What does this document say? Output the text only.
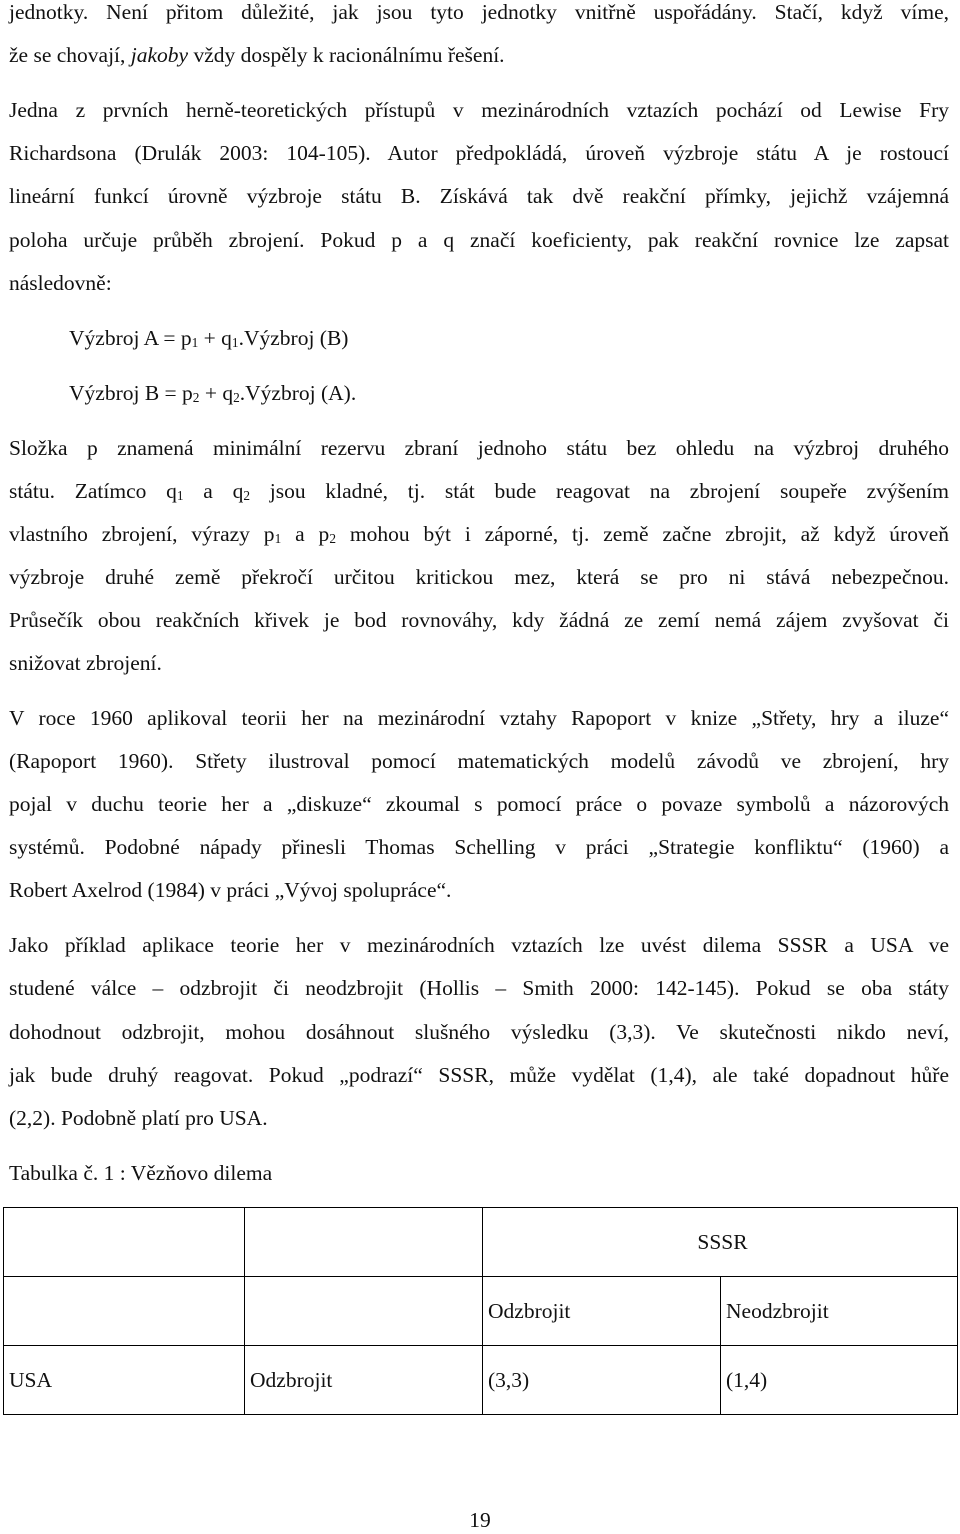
jednotky. Není přitom důležité, jak jsou tyto jednotky vnitřně uspořádány. Stačí, když víme,
že se chovají, jakoby vždy dospěly k racionálnímu řešení.
Jedna z prvních herně-teoretických přístupů v mezinárodních vztazích pochází od Lewise Fry
Richardsona (Drulák 2003: 104-105). Autor předpokládá, úroveň výzbroje státu A je rostoucí
lineární funkcí úrovně výzbroje státu B. Získává tak dvě reakční přímky, jejichž vzájemná
poloha určuje průběh zbrojení. Pokud p a q značí koeficienty, pak reakční rovnice lze zapsat
následovně:
Výzbroj $A = p_1$ + $q_1.Výzbroj$ (B)
Výzbroj $B = p_2$ + $q_2.Výzbroj$ (A).
Složka p znamená minimální rezervu zbraní jednoho státu bez ohledu na výzbroj druhého
státu. Zatímco $q_1$ a $q_2$ jsou kladné, tj. stát bude reagovat na zbrojení soupeře zvýšením
vlastního zbrojení, výrazy $p_1$ a $p_2$ mohou být i záporné, tj. země začne zbrojit, až když úroveň
výzbroje druhé země překročí určitou kritickou mez, která se pro ni stává nebezpečnou.
Průsečík obou reakčních křivek je bod rovnováhy, kdy žádná ze zemí nemá zájem zvyšovat či
snižovat zbrojení.
V roce 1960 aplikoval teorii her na mezinárodní vztahy Rapoport v knize „Střety, hry a iluze“
(Rapoport 1960). Střety ilustroval pomocí matematických modelů závodů ve zbrojení, hry
pojal v duchu teorie her a „diskuze“ zkoumal s pomocí práce o povaze symbolů a názorových
systémů. Podobné nápady přinesli Thomas Schelling v práci „Strategie konfliktu“ (1960) a
Robert Axelrod (1984) v práci „Vývoj spolupráce“.
Jako příklad aplikace teorie her v mezinárodních vztazích lze uvést dilema SSSR a USA ve
studené válce – odzbrojit či neodzbrojit (Hollis – Smith 2000: 142-145). Pokud se oba státy
dohodnout odzbrojit, mohou dosáhnout slušného výsledku (3,3). Ve skutečnosti nikdo neví,
jak bude druhý reagovat. Pokud „podrazí“ SSSR, může vydělat (1,4), ale také dopadnout hůře
(2,2). Podobně platí pro USA.
Tabulka č. 1 : Vězňovo dilema
		SSSR	
		Odzbrojit	Neodzbrojit
USA	Odzbrojit	(3,3)	(1,4)
19
